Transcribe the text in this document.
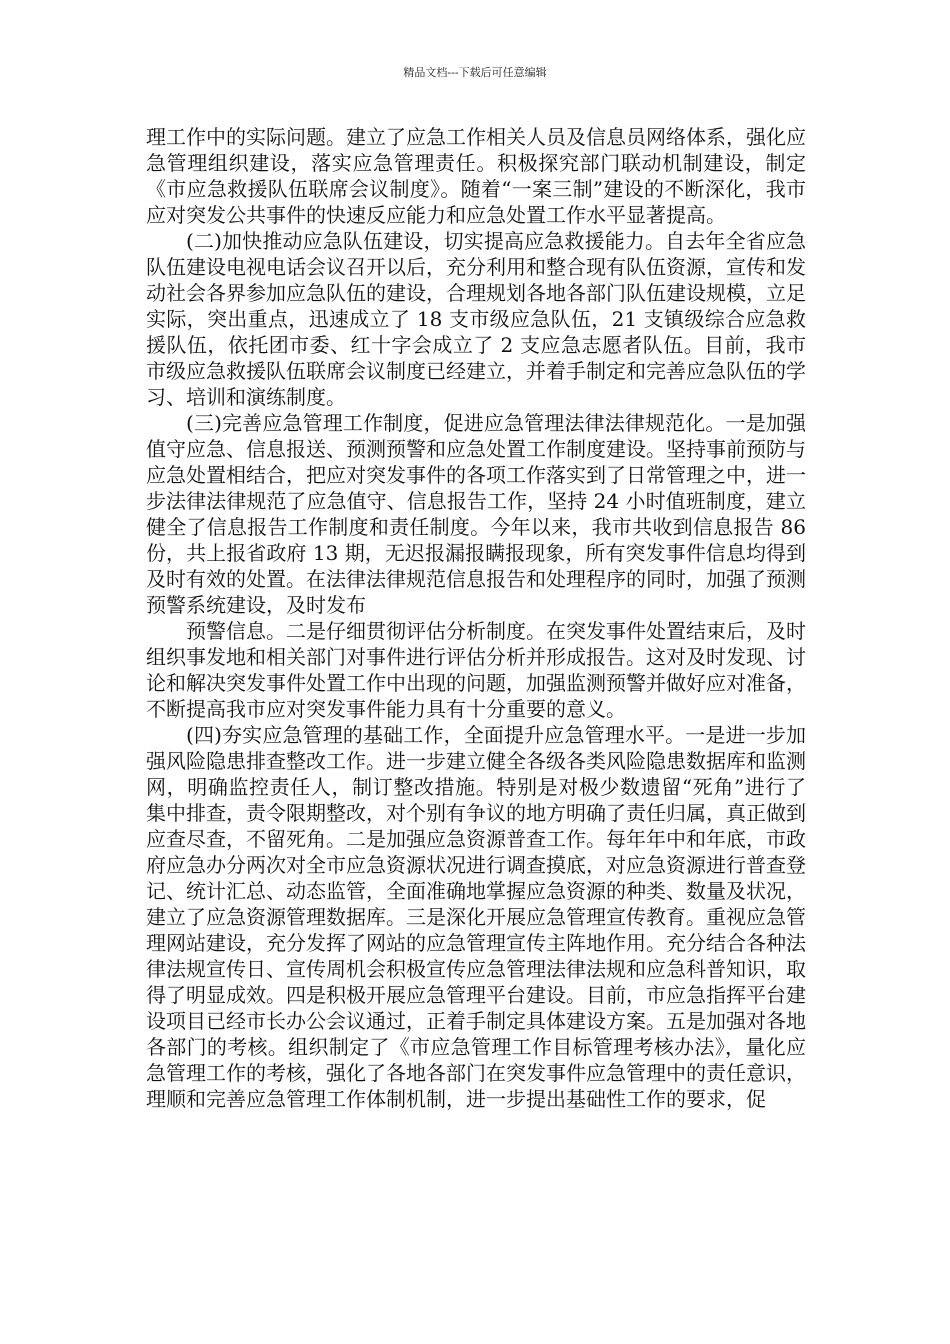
精品文档---下载后可任意编辑

理工作中的实际问题。建立了应急工作相关人员及信息员网络体系，强化应急管理组织建设，落实应急管理责任。积极探究部门联动机制建设，制定《市应急救援队伍联席会议制度》。随着“一案三制”建设的不断深化，我市应对突发公共事件的快速反应能力和应急处置工作水平显著提高。

(二)加快推动应急队伍建设，切实提高应急救援能力。自去年全省应急队伍建设电视电话会议召开以后，充分利用和整合现有队伍资源，宣传和发动社会各界参加应急队伍的建设，合理规划各地各部门队伍建设规模，立足实际，突出重点，迅速成立了 18 支市级应急队伍，21 支镇级综合应急救援队伍，依托团市委、红十字会成立了 2 支应急志愿者队伍。目前，我市市级应急救援队伍联席会议制度已经建立，并着手制定和完善应急队伍的学习、培训和演练制度。

(三)完善应急管理工作制度，促进应急管理法律法律规范化。一是加强值守应急、信息报送、预测预警和应急处置工作制度建设。坚持事前预防与应急处置相结合，把应对突发事件的各项工作落实到了日常管理之中，进一步法律法律规范了应急值守、信息报告工作，坚持 24 小时值班制度，建立健全了信息报告工作制度和责任制度。今年以来，我市共收到信息报告 86 份，共上报省政府 13 期，无迟报漏报瞒报现象，所有突发事件信息均得到及时有效的处置。在法律法律规范信息报告和处理程序的同时，加强了预测预警系统建设，及时发布

预警信息。二是仔细贯彻评估分析制度。在突发事件处置结束后，及时组织事发地和相关部门对事件进行评估分析并形成报告。这对及时发现、讨论和解决突发事件处置工作中出现的问题，加强监测预警并做好应对准备，不断提高我市应对突发事件能力具有十分重要的意义。

(四)夯实应急管理的基础工作，全面提升应急管理水平。一是进一步加强风险隐患排查整改工作。进一步建立健全各级各类风险隐患数据库和监测网，明确监控责任人，制订整改措施。特别是对极少数遗留“死角”进行了集中排查，责令限期整改，对个别有争议的地方明确了责任归属，真正做到应查尽查，不留死角。二是加强应急资源普查工作。每年年中和年底，市政府应急办分两次对全市应急资源状况进行调查摸底，对应急资源进行普查登记、统计汇总、动态监管，全面准确地掌握应急资源的种类、数量及状况，建立了应急资源管理数据库。三是深化开展应急管理宣传教育。重视应急管理网站建设，充分发挥了网站的应急管理宣传主阵地作用。充分结合各种法律法规宣传日、宣传周机会积极宣传应急管理法律法规和应急科普知识，取得了明显成效。四是积极开展应急管理平台建设。目前，市应急指挥平台建设项目已经市长办公会议通过，正着手制定具体建设方案。五是加强对各地各部门的考核。组织制定了《市应急管理工作目标管理考核办法》，量化应急管理工作的考核，强化了各地各部门在突发事件应急管理中的责任意识，理顺和完善应急管理工作体制机制，进一步提出基础性工作的要求，促
